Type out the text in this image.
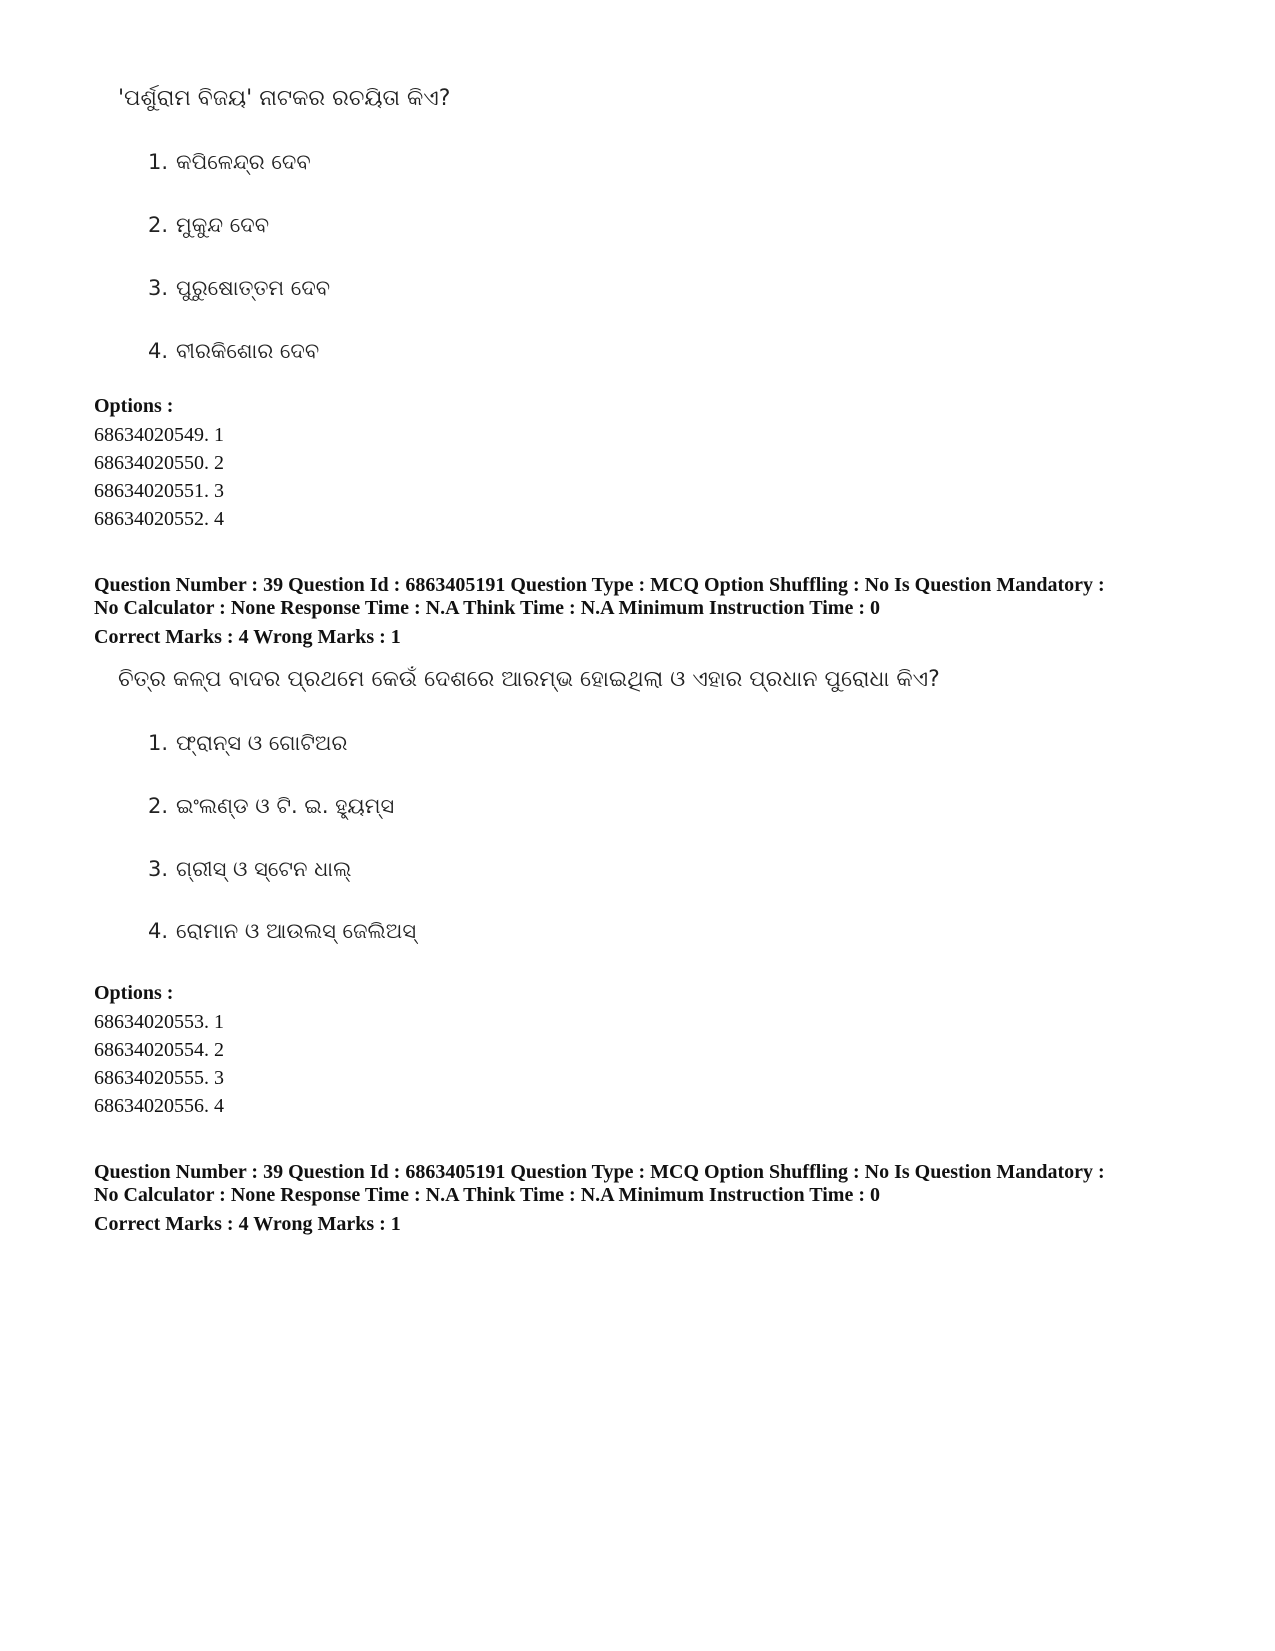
'ପର୍ଶୁରାମ ବିଜୟ' ନାଟକର ରଚୟିତା କିଏ?
1. କପିଳେନ୍ଦ୍ର ଦେବ
2. ମୁକୁନ୍ଦ ଦେବ
3. ପୁରୁଷୋତ୍ତମ ଦେବ
4. ବୀରକିଶୋର ଦେବ
Options :
68634020549. 1
68634020550. 2
68634020551. 3
68634020552. 4
Question Number : 39 Question Id : 6863405191 Question Type : MCQ Option Shuffling : No Is Question Mandatory :
No Calculator : None Response Time : N.A Think Time : N.A Minimum Instruction Time : 0
Correct Marks : 4 Wrong Marks : 1
ଚିତ୍ର କଳ୍ପ ବାଦର ପ୍ରଥମେ କେଉଁ ଦେଶରେ ଆରମ୍ଭ ହୋଇଥିଲା ଓ ଏହାର ପ୍ରଧାନ ପୁରୋଧା କିଏ?
1. ଫ୍ରାନ୍ସ ଓ ଗୋଟିଅର
2. ଇଂଲଣ୍ଡ ଓ ଟି. ଇ. ହ୍ୟୁମ୍ସ
3. ଗ୍ରୀସ୍ ଓ ସ୍ଟେନ ଧାଲ୍
4. ରୋମାନ ଓ ଆଉଲସ୍ ଜେଲିଅସ୍
Options :
68634020553. 1
68634020554. 2
68634020555. 3
68634020556. 4
Question Number : 39 Question Id : 6863405191 Question Type : MCQ Option Shuffling : No Is Question Mandatory :
No Calculator : None Response Time : N.A Think Time : N.A Minimum Instruction Time : 0
Correct Marks : 4 Wrong Marks : 1
